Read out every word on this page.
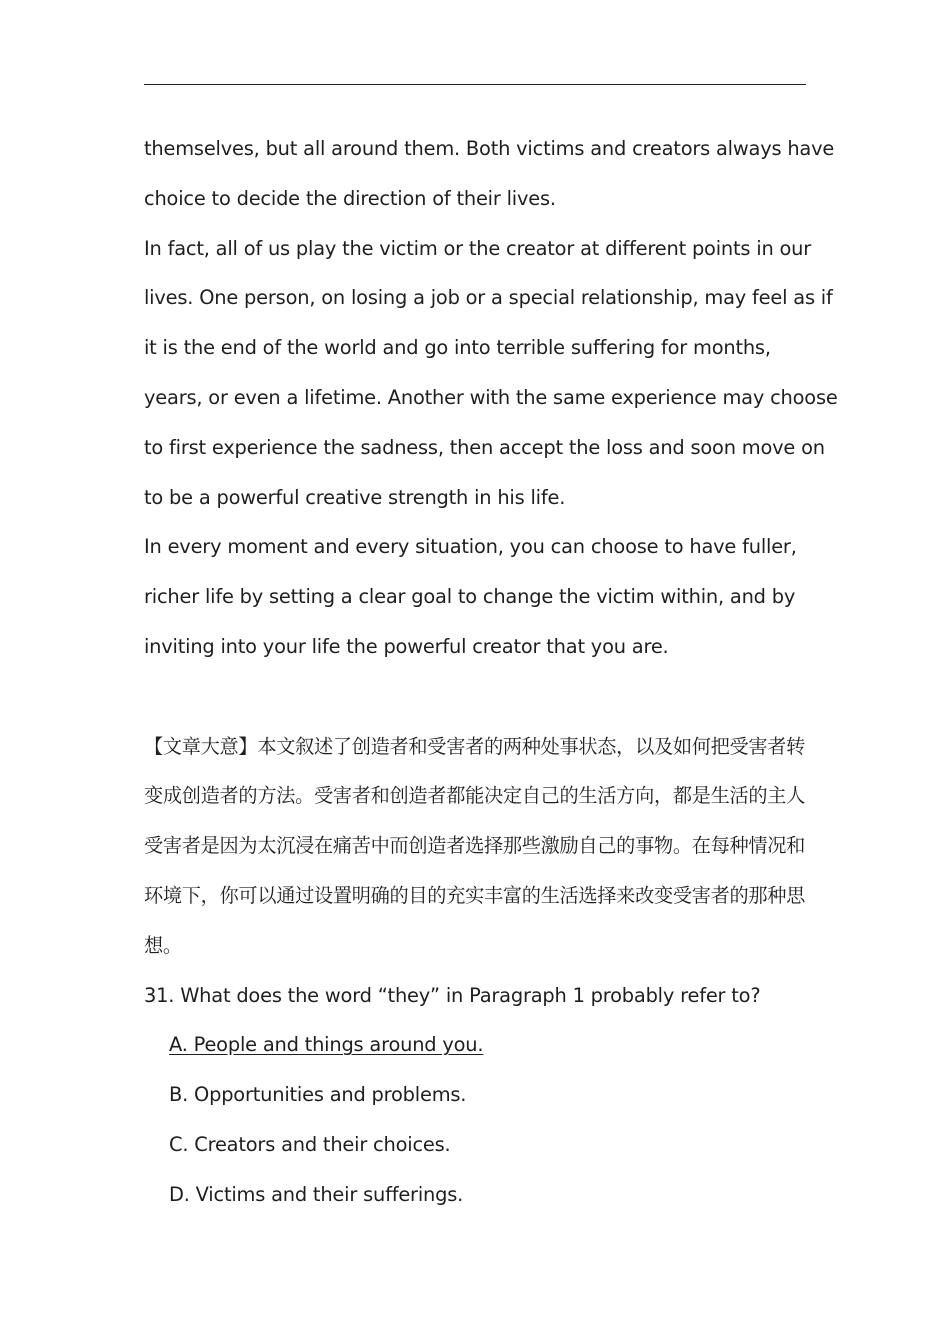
themselves, but all around them. Both victims and creators always have
choice to decide the direction of their lives.
In fact, all of us play the victim or the creator at different points in our
lives. One person, on losing a job or a special relationship, may feel as if
it is the end of the world and go into terrible suffering for months,
years, or even a lifetime. Another with the same experience may choose
to first experience the sadness, then accept the loss and soon move on
to be a powerful creative strength in his life.
In every moment and every situation, you can choose to have fuller,
richer life by setting a clear goal to change the victim within, and by
inviting into your life the powerful creator that you are.
【文章大意】本文叙述了创造者和受害者的两种处事状态，以及如何把受害者转
变成创造者的方法。受害者和创造者都能决定自己的生活方向，都是生活的主人
受害者是因为太沉浸在痛苦中而创造者选择那些激励自己的事物。在每种情况和
环境下，你可以通过设置明确的目的充实丰富的生活选择来改变受害者的那种思
想。
31. What does the word “they” in Paragraph 1 probably refer to?
A. People and things around you.
B. Opportunities and problems.
C. Creators and their choices.
D. Victims and their sufferings.
